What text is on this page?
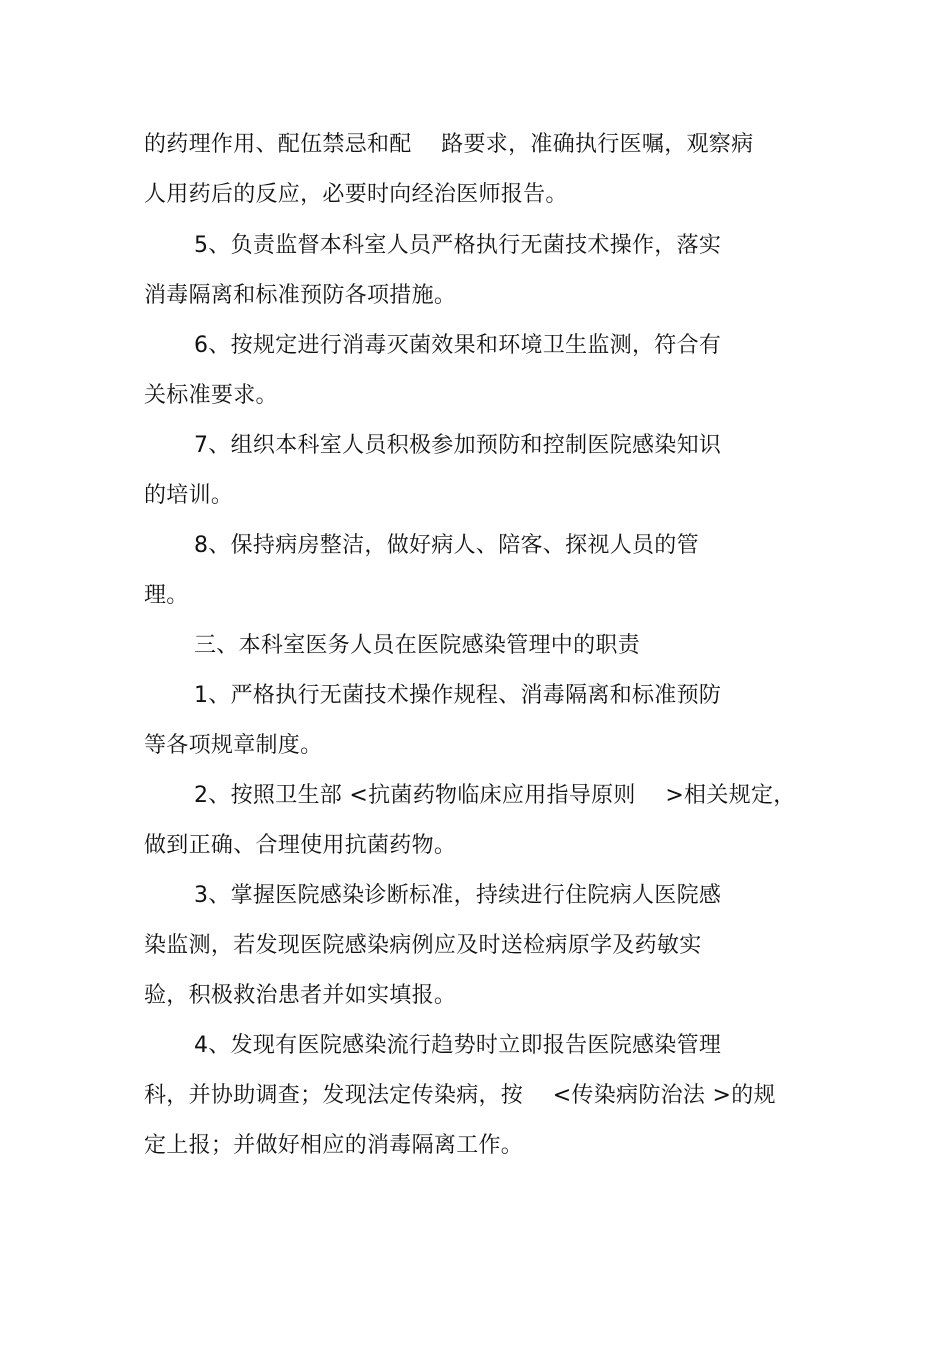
的药理作用、配伍禁忌和配　 路要求，准确执行医嘱，观察病
人用药后的反应，必要时向经治医师报告。
5、负责监督本科室人员严格执行无菌技术操作，落实
消毒隔离和标准预防各项措施。
6、按规定进行消毒灭菌效果和环境卫生监测，符合有
关标准要求。
7、组织本科室人员积极参加预防和控制医院感染知识
的培训。
8、保持病房整洁，做好病人、陪客、探视人员的管
理。
三、本科室医务人员在医院感染管理中的职责
1、严格执行无菌技术操作规程、消毒隔离和标准预防
等各项规章制度。
2、按照卫生部 <抗菌药物临床应用指导原则　 >相关规定，
做到正确、合理使用抗菌药物。
3、掌握医院感染诊断标准，持续进行住院病人医院感
染监测，若发现医院感染病例应及时送检病原学及药敏实
验，积极救治患者并如实填报。
4、发现有医院感染流行趋势时立即报告医院感染管理
科，并协助调查；发现法定传染病，按　 <传染病防治法 >的规
定上报；并做好相应的消毒隔离工作。
